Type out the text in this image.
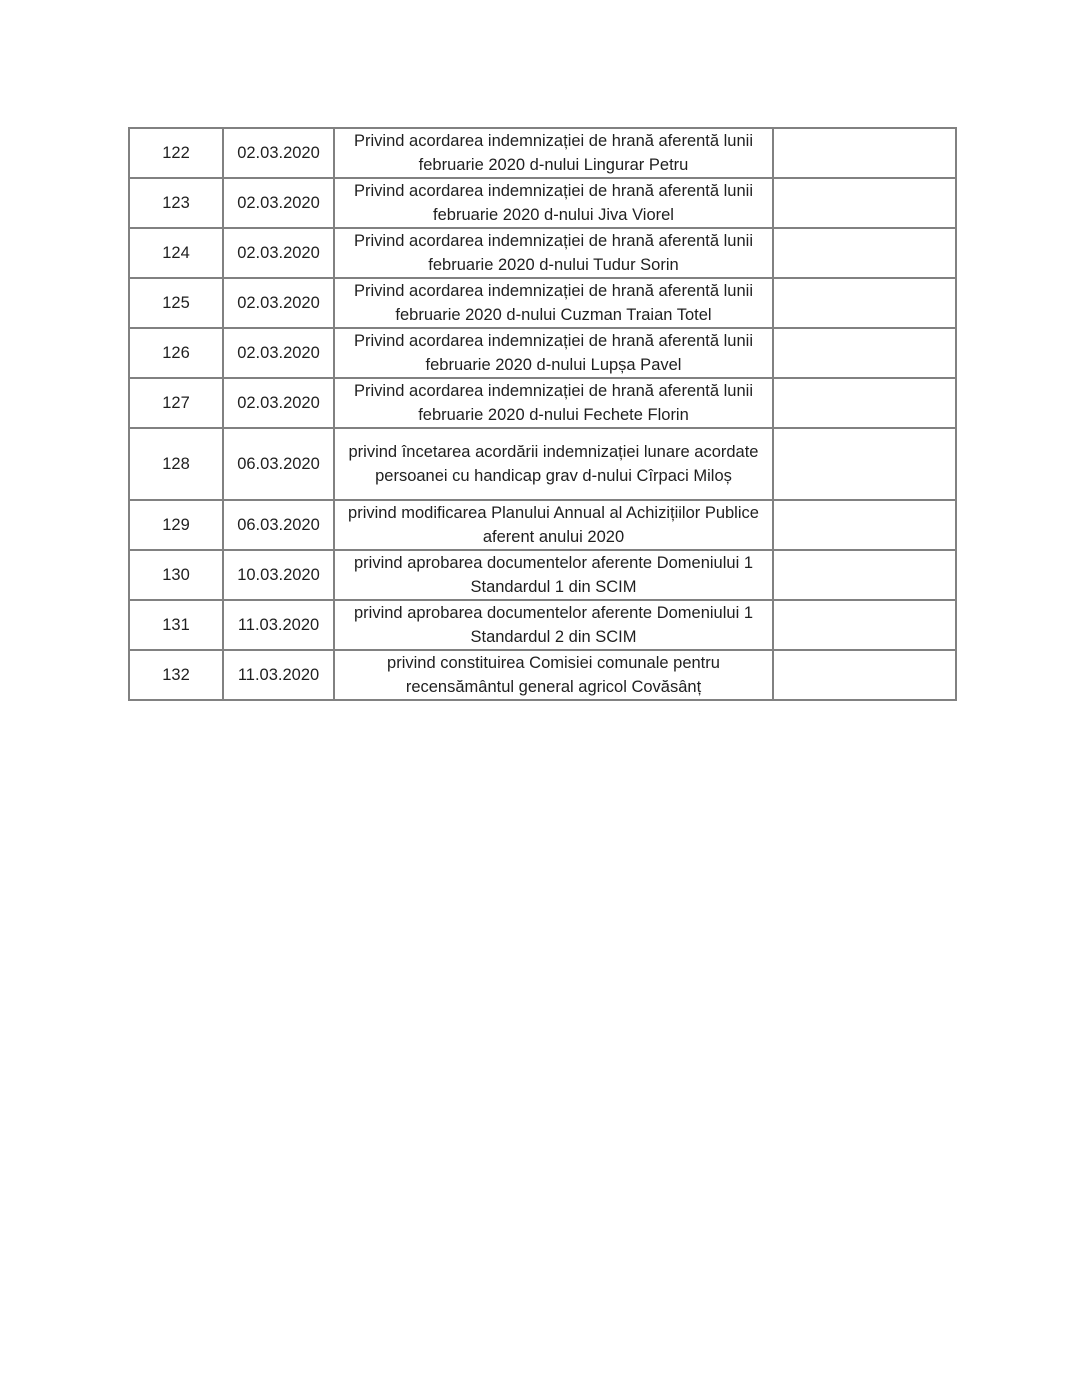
122	02.03.2020	Privind acordarea indemnizației de hrană aferentă lunii februarie 2020 d-nului Lingurar Petru	
123	02.03.2020	Privind acordarea indemnizației de hrană aferentă lunii februarie 2020 d-nului Jiva Viorel	
124	02.03.2020	Privind acordarea indemnizației de hrană aferentă lunii februarie 2020 d-nului Tudur Sorin	
125	02.03.2020	Privind acordarea indemnizației de hrană aferentă lunii februarie 2020 d-nului Cuzman Traian Totel	
126	02.03.2020	Privind acordarea indemnizației de hrană aferentă lunii februarie 2020 d-nului Lupșa Pavel	
127	02.03.2020	Privind acordarea indemnizației de hrană aferentă lunii februarie 2020 d-nului Fechete Florin	
128	06.03.2020	privind încetarea acordării indemnizației lunare acordate persoanei cu handicap grav d-nului Cîrpaci Miloș	
129	06.03.2020	privind modificarea Planului Annual al Achizițiilor Publice aferent anului 2020	
130	10.03.2020	privind aprobarea documentelor aferente Domeniului 1 Standardul 1 din SCIM	
131	11.03.2020	privind aprobarea documentelor aferente Domeniului 1 Standardul 2 din SCIM	
132	11.03.2020	privind constituirea Comisiei comunale pentru recensământul general agricol Covăsânț	
